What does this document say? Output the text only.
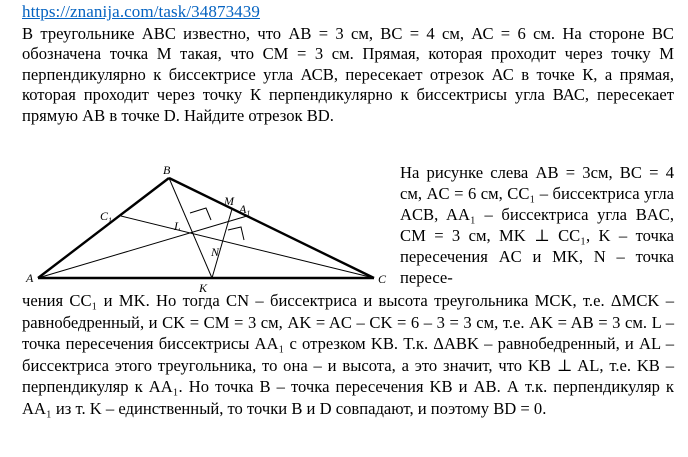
https://znanija.com/task/34873439

В треугольнике АВС известно, что АВ = 3 см, ВС = 4 см, АС = 6 см. На стороне ВС обозначена точка М такая, что СМ = 3 см. Прямая, которая проходит через точку М перпендикулярно к биссектрисе угла АСВ, пересекает отрезок АС в точке К, а прямая, которая проходит через точку К перпендикулярно к биссектрисы угла ВАС, пересекает прямую АВ в точке D. Найдите отрезок BD.

B
M
$A_1$
$C_1$	L
N
K
A	C

На рисунке слева AB = 3см, BC = 4 см, AC = 6 см, CC₁ – биссектриса угла ACB, AA₁ – биссектриса угла BAC, CM = 3 см, MK ⊥ CC₁, K – точка пересечения AC и MK, N – точка пересе-

чения CC₁ и MK. Но тогда CN – биссектриса и высота треугольника MCK, т.е. ΔMCK – равнобедренный, и CK = CM = 3 см, AK = AC – CK = 6 – 3 = 3 см, т.е. AK = AB = 3 см. L – точка пересечения биссектрисы AA₁ с отрезком KB. Т.к. ΔABK – равнобедренный, и AL – биссектриса этого треугольника, то она – и высота, а это значит, что KB ⊥ AL, т.е. KB – перпендикуляр к AA₁. Но точка B – точка пересечения KB и AB. А т.к. перпендикуляр к AA₁ из т. K – единственный, то точки B и D совпадают, и поэтому BD = 0.
